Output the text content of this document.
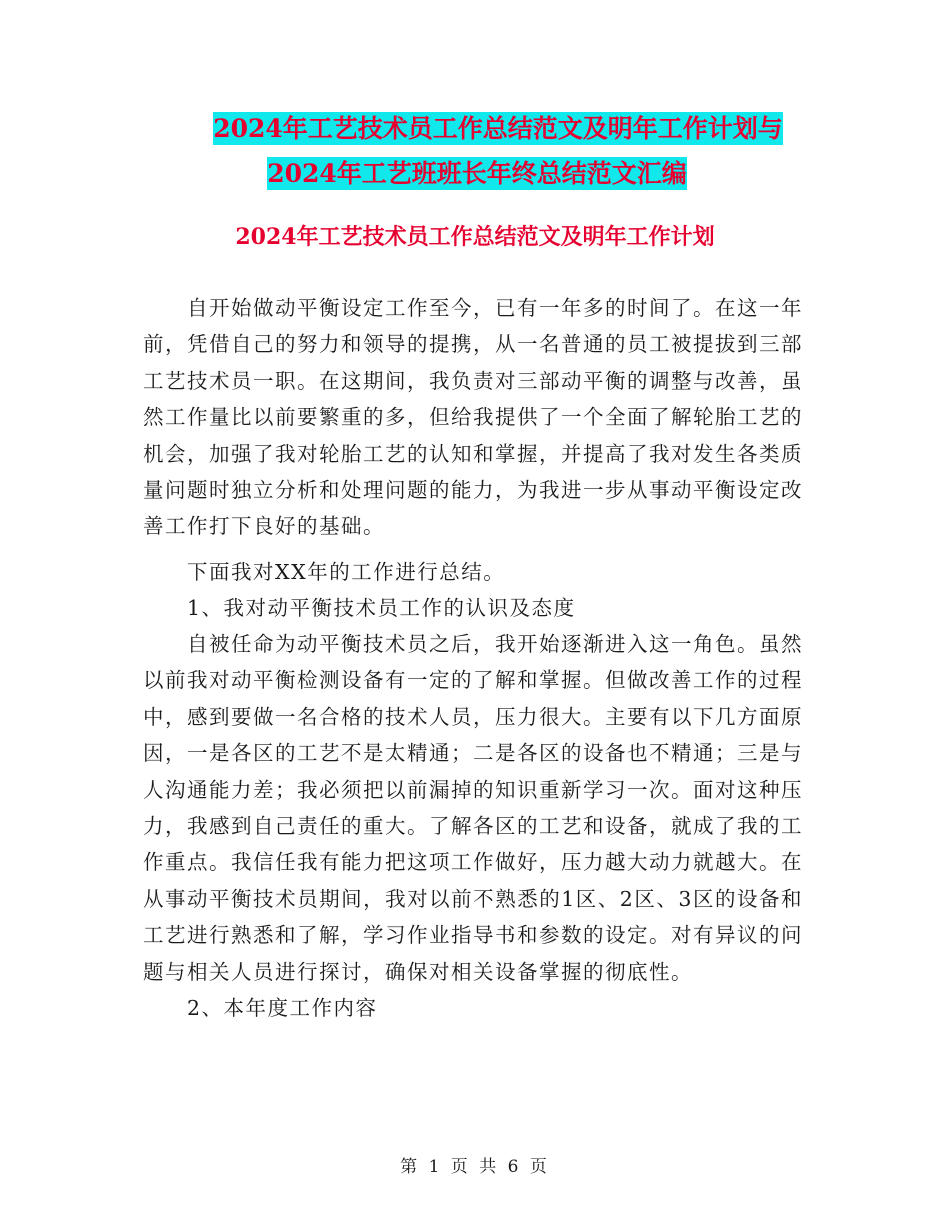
2024年工艺技术员工作总结范文及明年工作计划与
2024年工艺班班长年终总结范文汇编
2024年工艺技术员工作总结范文及明年工作计划

自开始做动平衡设定工作至今，已有一年多的时间了。在这一年前，凭借自己的努力和领导的提携，从一名普通的员工被提拔到三部工艺技术员一职。在这期间，我负责对三部动平衡的调整与改善，虽然工作量比以前要繁重的多，但给我提供了一个全面了解轮胎工艺的机会，加强了我对轮胎工艺的认知和掌握，并提高了我对发生各类质量问题时独立分析和处理问题的能力，为我进一步从事动平衡设定改善工作打下良好的基础。

下面我对XX年的工作进行总结。

1、我对动平衡技术员工作的认识及态度

自被任命为动平衡技术员之后，我开始逐渐进入这一角色。虽然以前我对动平衡检测设备有一定的了解和掌握。但做改善工作的过程中，感到要做一名合格的技术人员，压力很大。主要有以下几方面原因，一是各区的工艺不是太精通；二是各区的设备也不精通；三是与人沟通能力差；我必须把以前漏掉的知识重新学习一次。面对这种压力，我感到自己责任的重大。了解各区的工艺和设备，就成了我的工作重点。我信任我有能力把这项工作做好，压力越大动力就越大。在从事动平衡技术员期间，我对以前不熟悉的1区、2区、3区的设备和工艺进行熟悉和了解，学习作业指导书和参数的设定。对有异议的问题与相关人员进行探讨，确保对相关设备掌握的彻底性。

2、本年度工作内容

第 1 页 共 6 页
